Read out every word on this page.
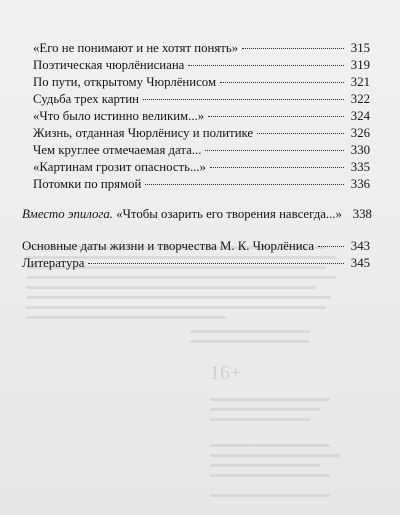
16+
«Его не понимают и не хотят понять»	315
Поэтическая чюрлёнисиана	319
По пути, открытому Чюрлёнисом	321
Судьба трех картин	322
«Что было истинно великим...»	324
Жизнь, отданная Чюрлёнису и политике	326
Чем круглее отмечаемая дата...	330
«Картинам грозит опасность...»	335
Потомки по прямой	336
Вместо эпилога. «Чтобы озарить его творения навсегда...» 338
Основные даты жизни и творчества М. К. Чюрлёниса	343
Литература	345
